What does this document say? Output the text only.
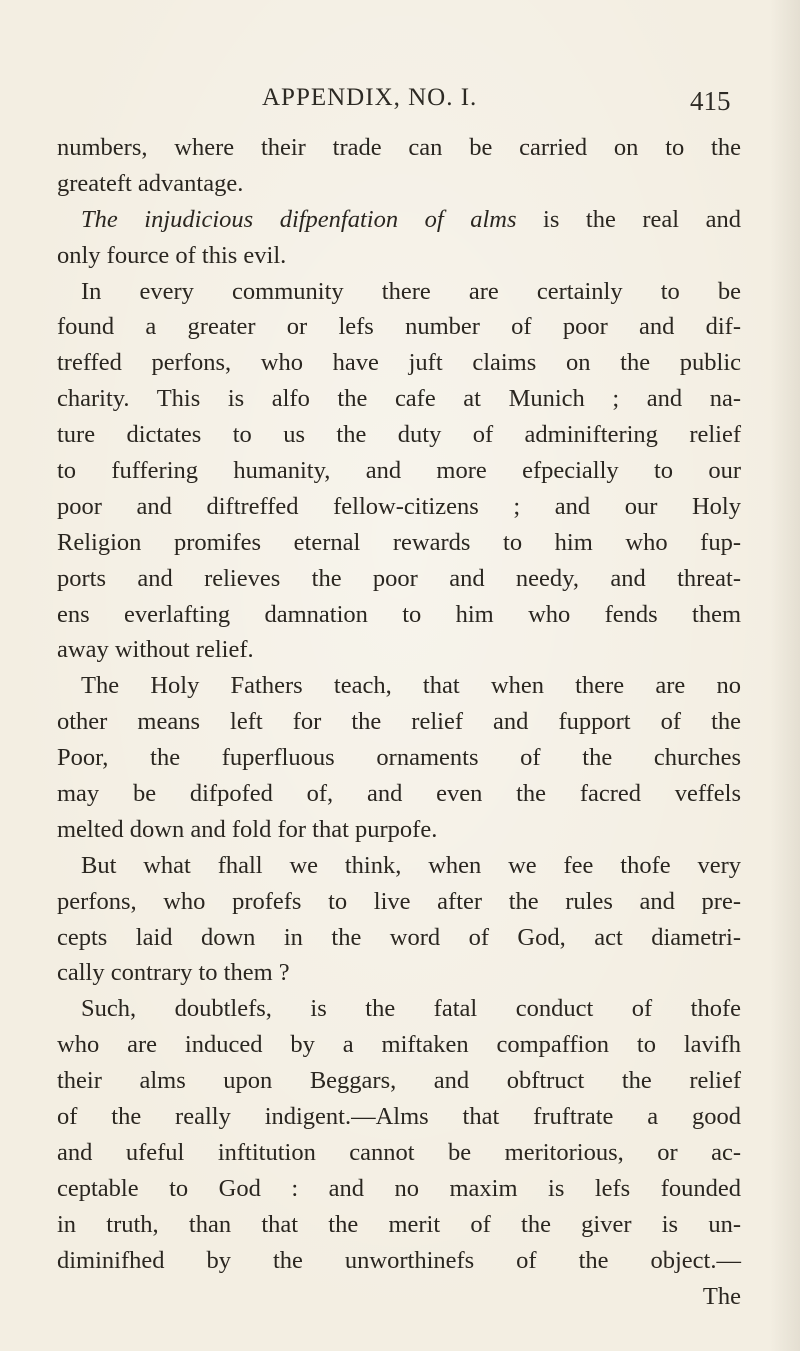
APPENDIX, NO. I.	415
numbers, where their trade can be carried on to the
greateft advantage.
The injudicious difpenfation of alms is the real and
only fource of this evil.
In every community there are certainly to be
found a greater or lefs number of poor and dif-
treffed perfons, who have juft claims on the public
charity. This is alfo the cafe at Munich ; and na-
ture dictates to us the duty of adminiftering relief
to fuffering humanity, and more efpecially to our
poor and diftreffed fellow-citizens ; and our Holy
Religion promifes eternal rewards to him who fup-
ports and relieves the poor and needy, and threat-
ens everlafting damnation to him who fends them
away without relief.
The Holy Fathers teach, that when there are no
other means left for the relief and fupport of the
Poor, the fuperfluous ornaments of the churches
may be difpofed of, and even the facred veffels
melted down and fold for that purpofe.
But what fhall we think, when we fee thofe very
perfons, who profefs to live after the rules and pre-
cepts laid down in the word of God, act diametri-
cally contrary to them ?
Such, doubtlefs, is the fatal conduct of thofe
who are induced by a miftaken compaffion to lavifh
their alms upon Beggars, and obftruct the relief
of the really indigent.—Alms that fruftrate a good
and ufeful inftitution cannot be meritorious, or ac-
ceptable to God : and no maxim is lefs founded
in truth, than that the merit of the giver is un-
diminifhed by the unworthinefs of the object.—
The
